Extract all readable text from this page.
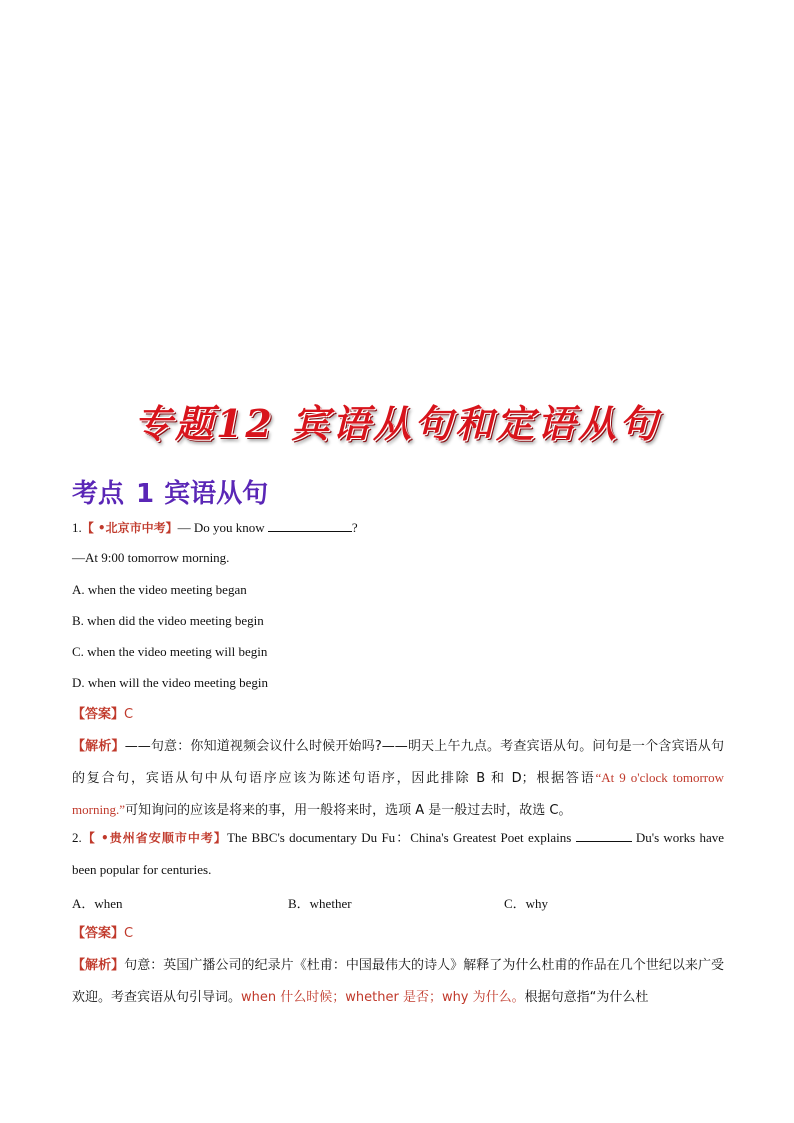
专题12 宾语从句和定语从句
考点 1 宾语从句
1.【 •北京市中考】— Do you know	?
—At 9:00 tomorrow morning.
A. when the video meeting began
B. when did the video meeting begin
C. when the video meeting will begin
D. when will the video meeting begin
【答案】C
【解析】——句意：你知道视频会议什么时候开始吗?——明天上午九点。考查宾语从句。问句是一个含宾语从句的复合句，宾语从句中从句语序应该为陈述句语序，因此排除 B 和 D；根据答语“At 9 o'clock tomorrow morning.”可知询问的应该是将来的事，用一般将来时，选项 A 是一般过去时，故选 C。
2.【 •贵州省安顺市中考】The BBC's documentary Du Fu：China's Greatest Poet explains	Du's works have been popular for centuries.
A．when	B．whether	C．why
【答案】C
【解析】句意：英国广播公司的纪录片《杜甫：中国最伟大的诗人》解释了为什么杜甫的作品在几个世纪以来广受欢迎。考查宾语从句引导词。when 什么时候；whether 是否；why 为什么。根据句意指“为什么杜
